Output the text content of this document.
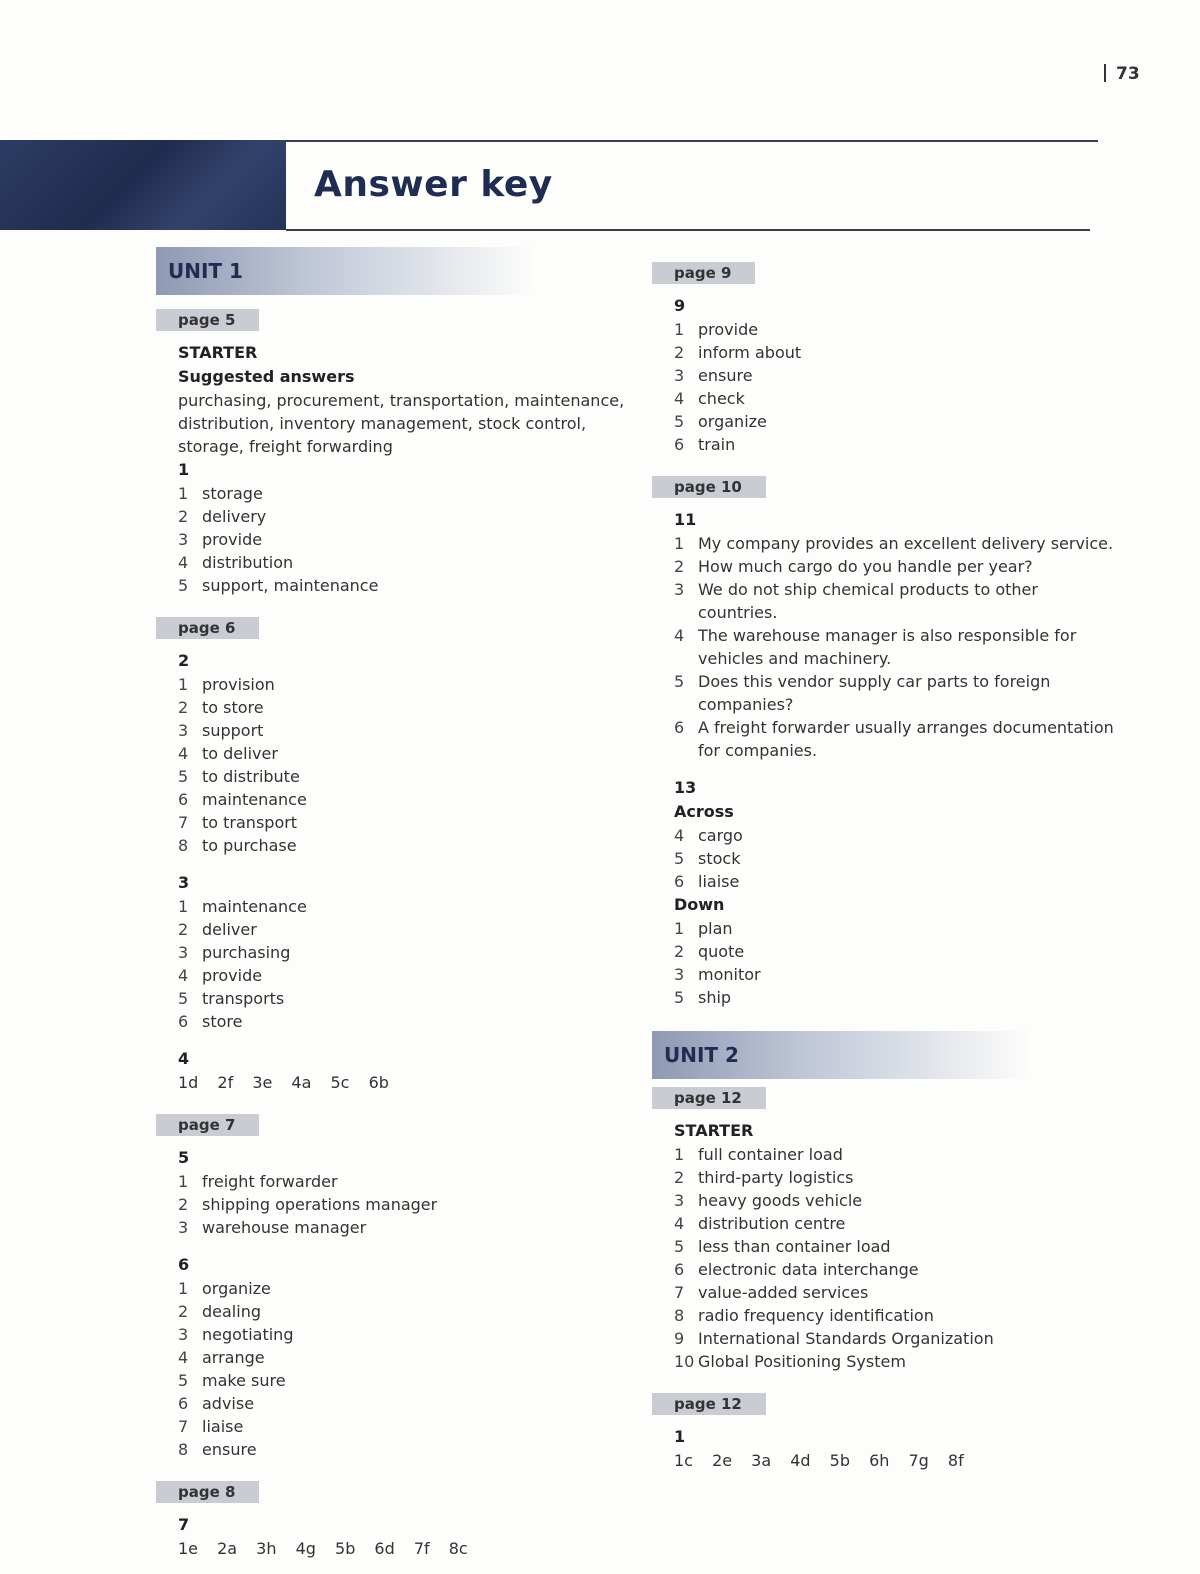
73
Answer key
UNIT 1
page 5
STARTER
Suggested answers
purchasing, procurement, transportation, maintenance, distribution, inventory management, stock control, storage, freight forwarding
1
1 storage
2 delivery
3 provide
4 distribution
5 support, maintenance
page 6
2
1 provision
2 to store
3 support
4 to deliver
5 to distribute
6 maintenance
7 to transport
8 to purchase
3
1 maintenance
2 deliver
3 purchasing
4 provide
5 transports
6 store
4
1d 2f 3e 4a 5c 6b
page 7
5
1 freight forwarder
2 shipping operations manager
3 warehouse manager
6
1 organize
2 dealing
3 negotiating
4 arrange
5 make sure
6 advise
7 liaise
8 ensure
page 8
7
1e 2a 3h 4g 5b 6d 7f 8c
page 9
9
1 provide
2 inform about
3 ensure
4 check
5 organize
6 train
page 10
11
1 My company provides an excellent delivery service.
2 How much cargo do you handle per year?
3 We do not ship chemical products to other countries.
4 The warehouse manager is also responsible for vehicles and machinery.
5 Does this vendor supply car parts to foreign companies?
6 A freight forwarder usually arranges documentation for companies.
13
Across
4 cargo
5 stock
6 liaise
Down
1 plan
2 quote
3 monitor
5 ship
UNIT 2
page 12
STARTER
1 full container load
2 third-party logistics
3 heavy goods vehicle
4 distribution centre
5 less than container load
6 electronic data interchange
7 value-added services
8 radio frequency identification
9 International Standards Organization
10 Global Positioning System
page 12
1
1c 2e 3a 4d 5b 6h 7g 8f
